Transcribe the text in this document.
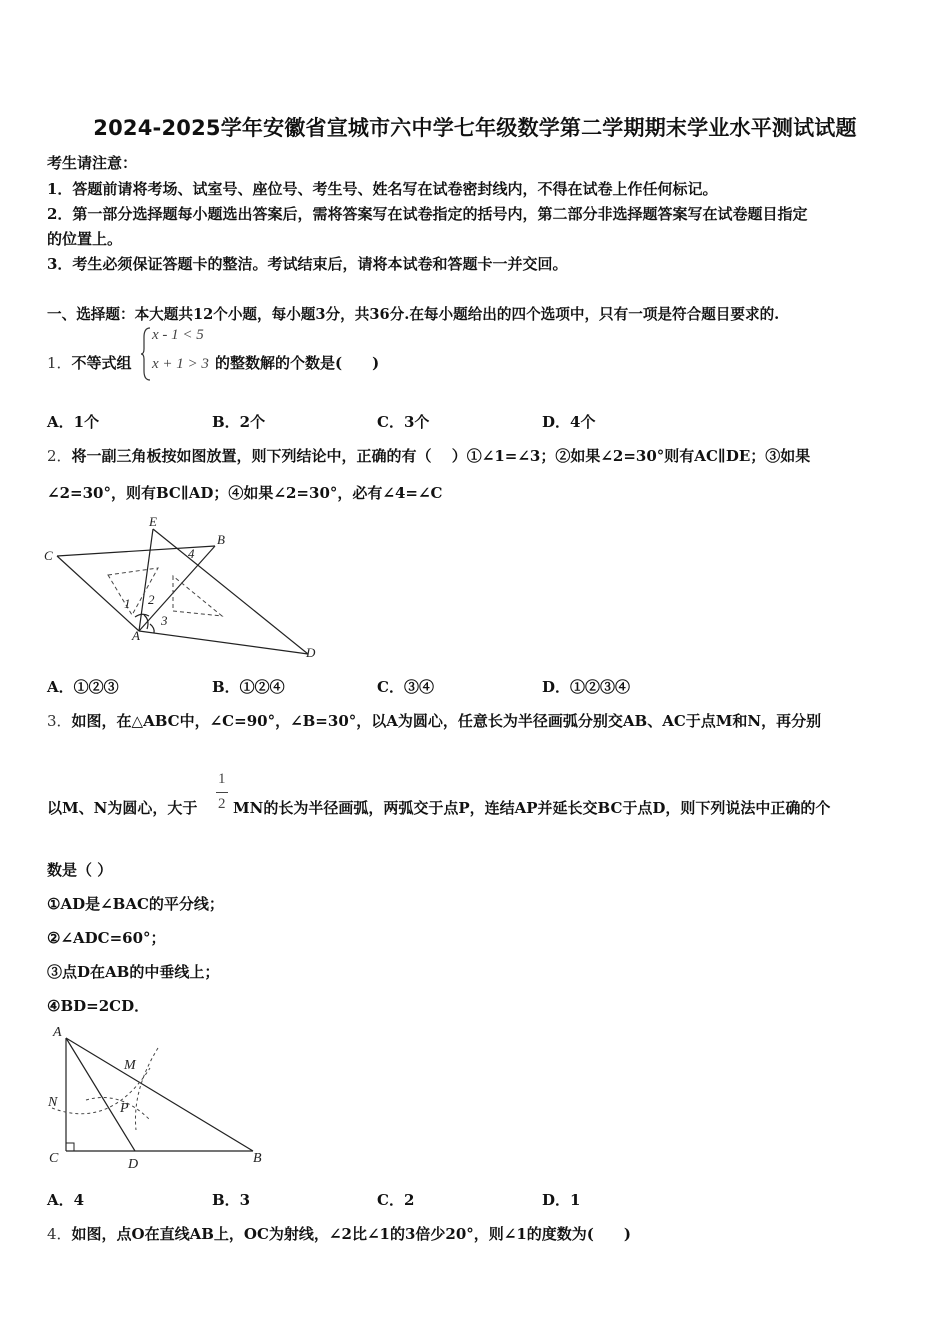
2024-2025学年安徽省宣城市六中学七年级数学第二学期期末学业水平测试试题
考生请注意：
1．答题前请将考场、试室号、座位号、考生号、姓名写在试卷密封线内，不得在试卷上作任何标记。
2．第一部分选择题每小题选出答案后，需将答案写在试卷指定的括号内，第二部分非选择题答案写在试卷题目指定
的位置上。
3．考生必须保证答题卡的整洁。考试结束后，请将本试卷和答题卡一并交回。
一、选择题：本大题共12个小题，每小题3分，共36分.在每小题给出的四个选项中，只有一项是符合题目要求的.
1．不等式组
x - 1 < 5
x + 1 > 3 的整数解的个数是(　　)
A．1个	B．2个	C．3个	D．4个
2．将一副三角板按如图放置，则下列结论中，正确的有（　 ）①∠1=∠3；②如果∠2=30°则有AC∥DE；③如果
∠2=30°，则有BC∥AD；④如果∠2=30°，必有∠4=∠C
E
B
C
D
A
1 2
3
4
A．①②③	B．①②④	C．③④	D．①②③④
3．如图，在△ABC中，∠C=90°，∠B=30°，以A为圆心，任意长为半径画弧分别交AB、AC于点M和N，再分别
以M、N为圆心，大于
1
2 MN的长为半径画弧，两弧交于点P，连结AP并延长交BC于点D，则下列说法中正确的个
数是（ ）
①AD是∠BAC的平分线；
②∠ADC=60°；
③点D在AB的中垂线上；
④BD=2CD．
A
M
N	P
C	D	B
A．4	B．3	C．2	D．1
4．如图，点O在直线AB上，OC为射线，∠2比∠1的3倍少20°，则∠1的度数为(　　)
